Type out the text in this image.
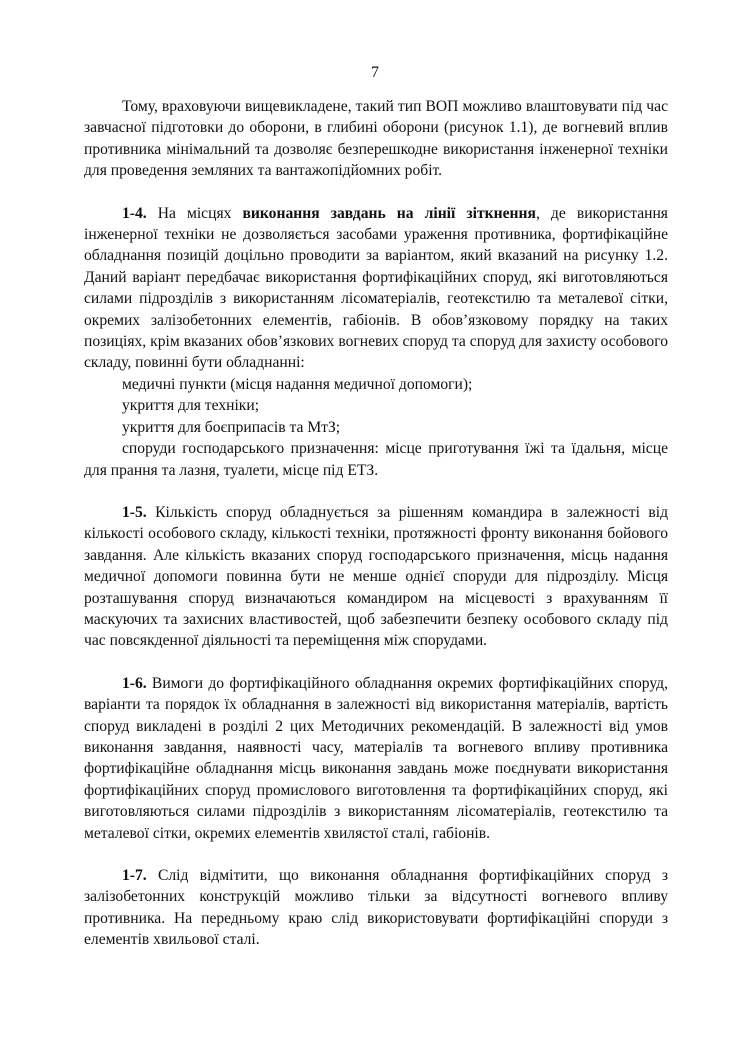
7

Тому, враховуючи вищевикладене, такий тип ВОП можливо влаштовувати під час завчасної підготовки до оборони, в глибині оборони (рисунок 1.1), де вогневий вплив противника мінімальний та дозволяє безперешкодне використання інженерної техніки для проведення земляних та вантажопідйомних робіт.

1-4. На місцях виконання завдань на лінії зіткнення, де використання інженерної техніки не дозволяється засобами ураження противника, фортифікаційне обладнання позицій доцільно проводити за варіантом, який вказаний на рисунку 1.2. Даний варіант передбачає використання фортифікаційних споруд, які виготовляються силами підрозділів з використанням лісоматеріалів, геотекстилю та металевої сітки, окремих залізобетонних елементів, габіонів. В обов’язковому порядку на таких позиціях, крім вказаних обов’язкових вогневих споруд та споруд для захисту особового складу, повинні бути обладнанні:

медичні пункти (місця надання медичної допомоги);

укриття для техніки;

укриття для боєприпасів та МтЗ;

споруди господарського призначення: місце приготування їжі та їдальня, місце для прання та лазня, туалети, місце під ЕТЗ.

1-5. Кількість споруд обладнується за рішенням командира в залежності від кількості особового складу, кількості техніки, протяжності фронту виконання бойового завдання. Але кількість вказаних споруд господарського призначення, місць надання медичної допомоги повинна бути не менше однієї споруди для підрозділу. Місця розташування споруд визначаються командиром на місцевості з врахуванням її маскуючих та захисних властивостей, щоб забезпечити безпеку особового складу під час повсякденної діяльності та переміщення між спорудами.

1-6. Вимоги до фортифікаційного обладнання окремих фортифікаційних споруд, варіанти та порядок їх обладнання в залежності від використання матеріалів, вартість споруд викладені в розділі 2 цих Методичних рекомендацій. В залежності від умов виконання завдання, наявності часу, матеріалів та вогневого впливу противника фортифікаційне обладнання місць виконання завдань може поєднувати використання фортифікаційних споруд промислового виготовлення та фортифікаційних споруд, які виготовляються силами підрозділів з використанням лісоматеріалів, геотекстилю та металевої сітки, окремих елементів хвилястої сталі, габіонів.

1-7. Слід відмітити, що виконання обладнання фортифікаційних споруд з залізобетонних конструкцій можливо тільки за відсутності вогневого впливу противника. На передньому краю слід використовувати фортифікаційні споруди з елементів хвильової сталі.
